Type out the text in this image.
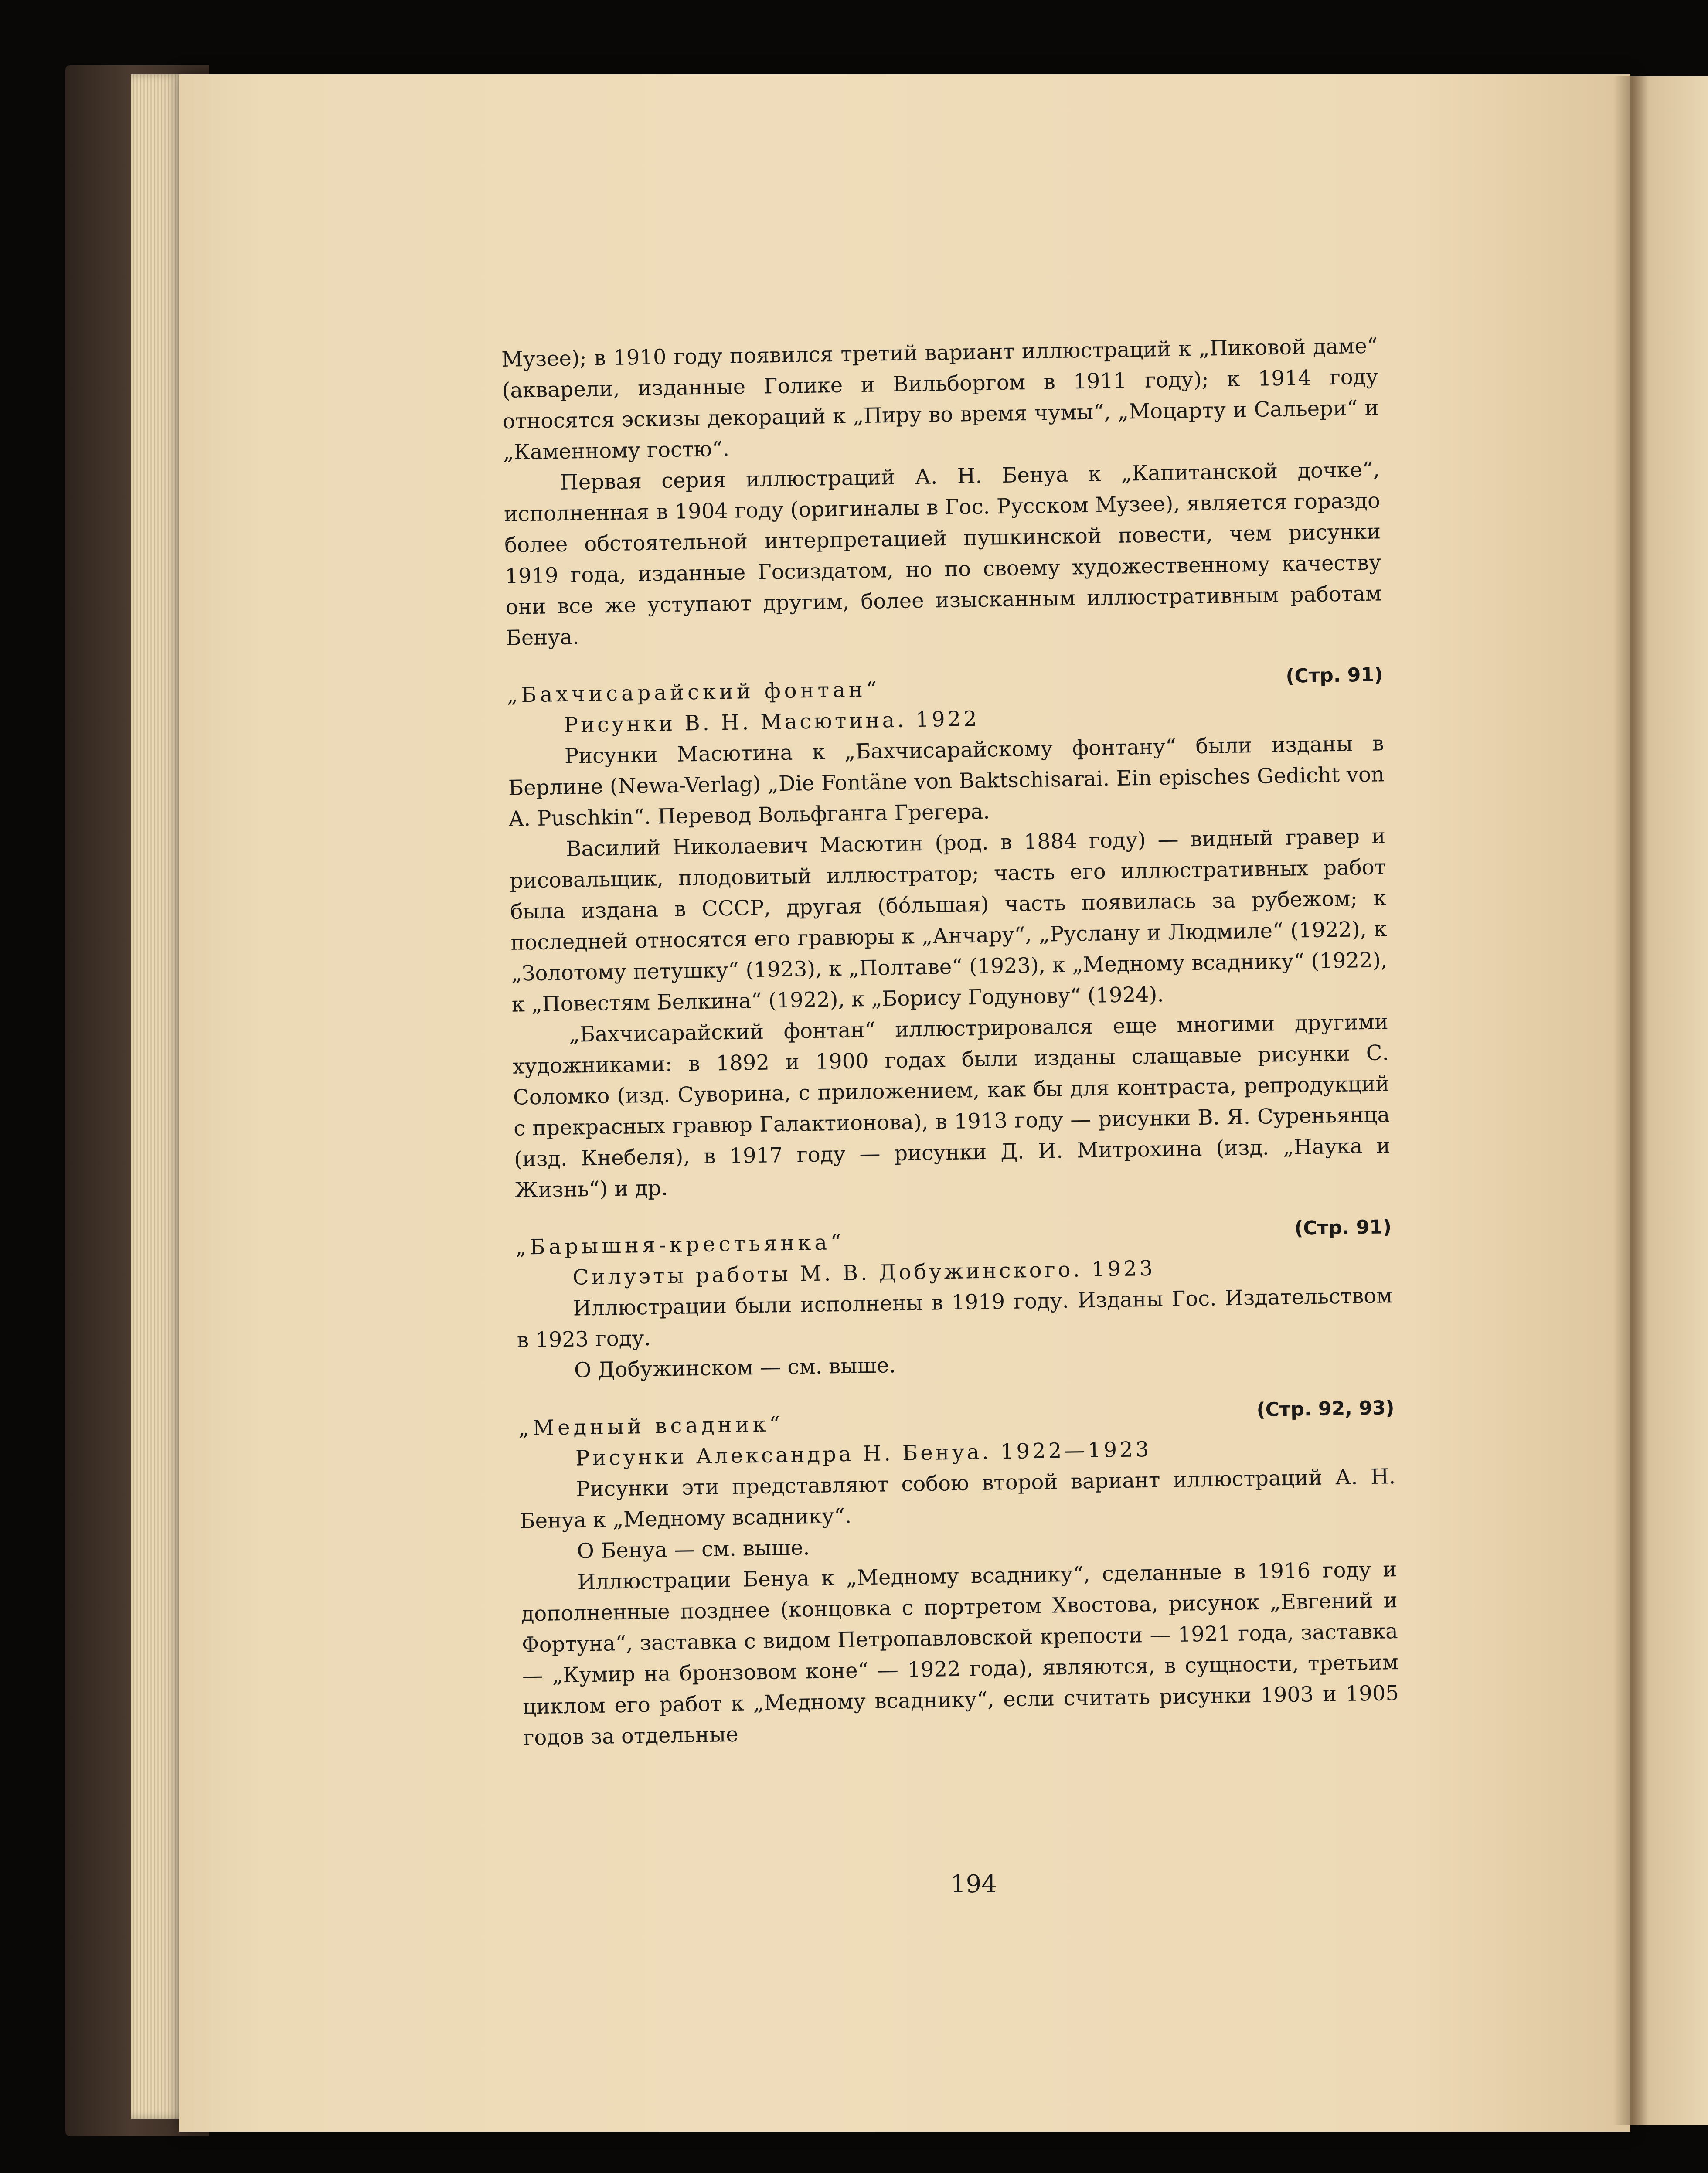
Музее); в 1910 году появился третий вариант иллюстраций к „Пиковой даме“ (акварели, изданные Голике и Вильборгом в 1911 году); к 1914 году относятся эскизы декораций к „Пиру во время чумы“, „Моцарту и Сальери“ и „Каменному гостю“.

Первая серия иллюстраций А. Н. Бенуа к „Капитанской дочке“, исполненная в 1904 году (оригиналы в Гос. Русском Музее), является гораздо более обстоятельной интерпретацией пушкинской повести, чем рисунки 1919 года, изданные Госиздатом, но по своему художественному качеству они все же уступают другим, более изысканным иллюстративным работам Бенуа.

„Бахчисарайский фонтан“
(Стр. 91)

Рисунки В. Н. Масютина. 1922

Рисунки Масютина к „Бахчисарайскому фонтану“ были изданы в Берлине (Newa-Verlag) „Die Fontäne von Baktschisarai. Ein episches Gedicht von A. Puschkin“. Перевод Вольфганга Грегера.

Василий Николаевич Масютин (род. в 1884 году) — видный гравер и рисовальщик, плодовитый иллюстратор; часть его иллюстративных работ была издана в СССР, другая (бóльшая) часть появилась за рубежом; к последней относятся его гравюры к „Анчару“, „Руслану и Людмиле“ (1922), к „Золотому петушку“ (1923), к „Полтаве“ (1923), к „Медному всаднику“ (1922), к „Повестям Белкина“ (1922), к „Борису Годунову“ (1924).

„Бахчисарайский фонтан“ иллюстрировался еще многими другими художниками: в 1892 и 1900 годах были изданы слащавые рисунки С. Соломко (изд. Суворина, с приложением, как бы для контраста, репродукций с прекрасных гравюр Галактионова), в 1913 году — рисунки В. Я. Суреньянца (изд. Кнебеля), в 1917 году — рисунки Д. И. Митрохина (изд. „Наука и Жизнь“) и др.

„Барышня-крестьянка“
(Стр. 91)

Силуэты работы М. В. Добужинского. 1923

Иллюстрации были исполнены в 1919 году. Изданы Гос. Издательством в 1923 году.

О Добужинском — см. выше.

„Медный всадник“
(Стр. 92, 93)

Рисунки Александра Н. Бенуа. 1922—1923

Рисунки эти представляют собою второй вариант иллюстраций А. Н. Бенуа к „Медному всаднику“.

О Бенуа — см. выше.

Иллюстрации Бенуа к „Медному всаднику“, сделанные в 1916 году и дополненные позднее (концовка с портретом Хвостова, рисунок „Евгений и Фортуна“, заставка с видом Петропавловской крепости — 1921 года, заставка — „Кумир на бронзовом коне“ — 1922 года), являются, в сущности, третьим циклом его работ к „Медному всаднику“, если считать рисунки 1903 и 1905 годов за отдельные

194
